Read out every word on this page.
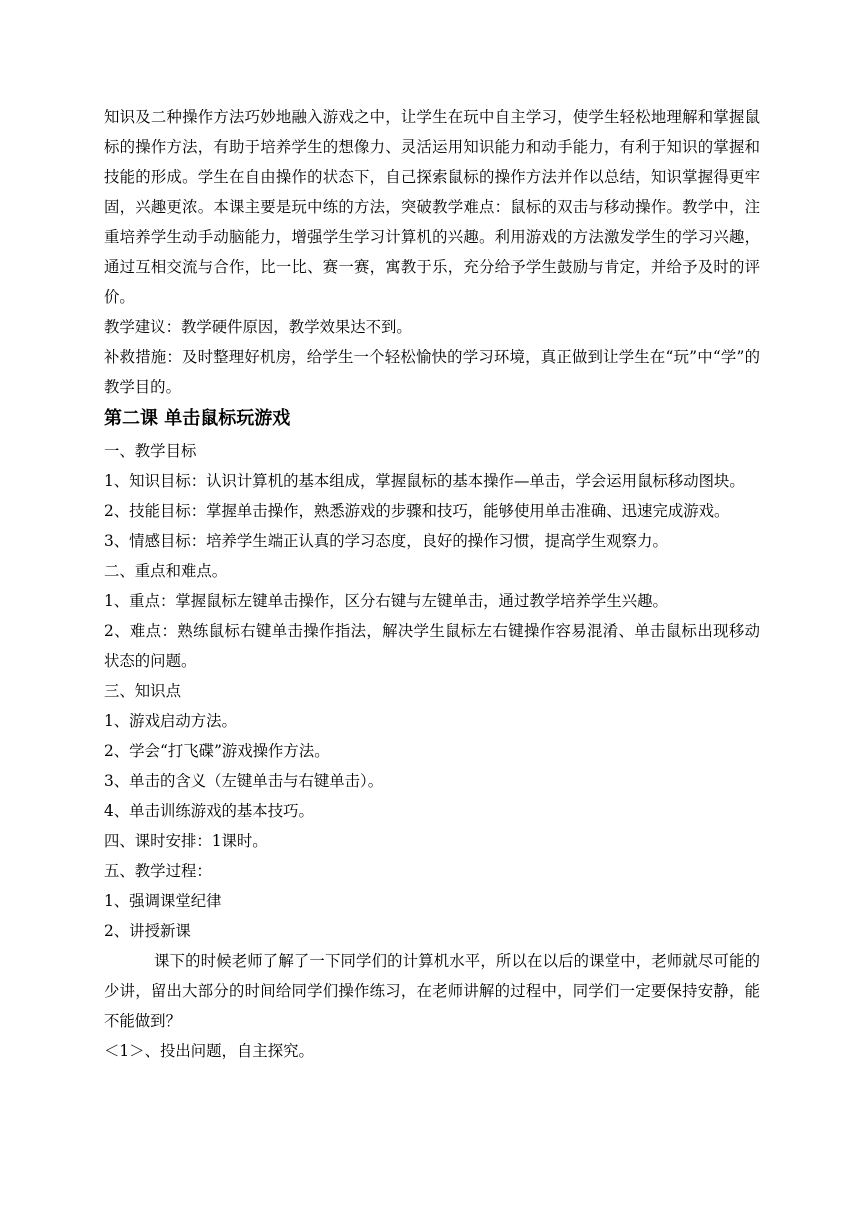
知识及二种操作方法巧妙地融入游戏之中，让学生在玩中自主学习，使学生轻松地理解和掌握鼠标的操作方法，有助于培养学生的想像力、灵活运用知识能力和动手能力，有利于知识的掌握和技能的形成。学生在自由操作的状态下，自己探索鼠标的操作方法并作以总结，知识掌握得更牢固，兴趣更浓。本课主要是玩中练的方法，突破教学难点：鼠标的双击与移动操作。教学中，注重培养学生动手动脑能力，增强学生学习计算机的兴趣。利用游戏的方法激发学生的学习兴趣，通过互相交流与合作，比一比、赛一赛，寓教于乐，充分给予学生鼓励与肯定，并给予及时的评价。

教学建议：教学硬件原因，教学效果达不到。

补救措施：及时整理好机房，给学生一个轻松愉快的学习环境，真正做到让学生在“玩”中“学”的教学目的。

第二课 单击鼠标玩游戏

一、教学目标

1、知识目标：认识计算机的基本组成，掌握鼠标的基本操作—单击，学会运用鼠标移动图块。

2、技能目标：掌握单击操作，熟悉游戏的步骤和技巧，能够使用单击准确、迅速完成游戏。

3、情感目标：培养学生端正认真的学习态度，良好的操作习惯，提高学生观察力。

二、重点和难点。

1、重点：掌握鼠标左键单击操作，区分右键与左键单击，通过教学培养学生兴趣。

2、难点：熟练鼠标右键单击操作指法，解决学生鼠标左右键操作容易混淆、单击鼠标出现移动状态的问题。

三、知识点

1、游戏启动方法。

2、学会“打飞碟”游戏操作方法。

3、单击的含义（左键单击与右键单击）。

4、单击训练游戏的基本技巧。

四、课时安排：1课时。

五、教学过程：

1、强调课堂纪律

2、讲授新课

课下的时候老师了解了一下同学们的计算机水平，所以在以后的课堂中，老师就尽可能的少讲，留出大部分的时间给同学们操作练习，在老师讲解的过程中，同学们一定要保持安静，能不能做到？

＜1＞、投出问题，自主探究。
